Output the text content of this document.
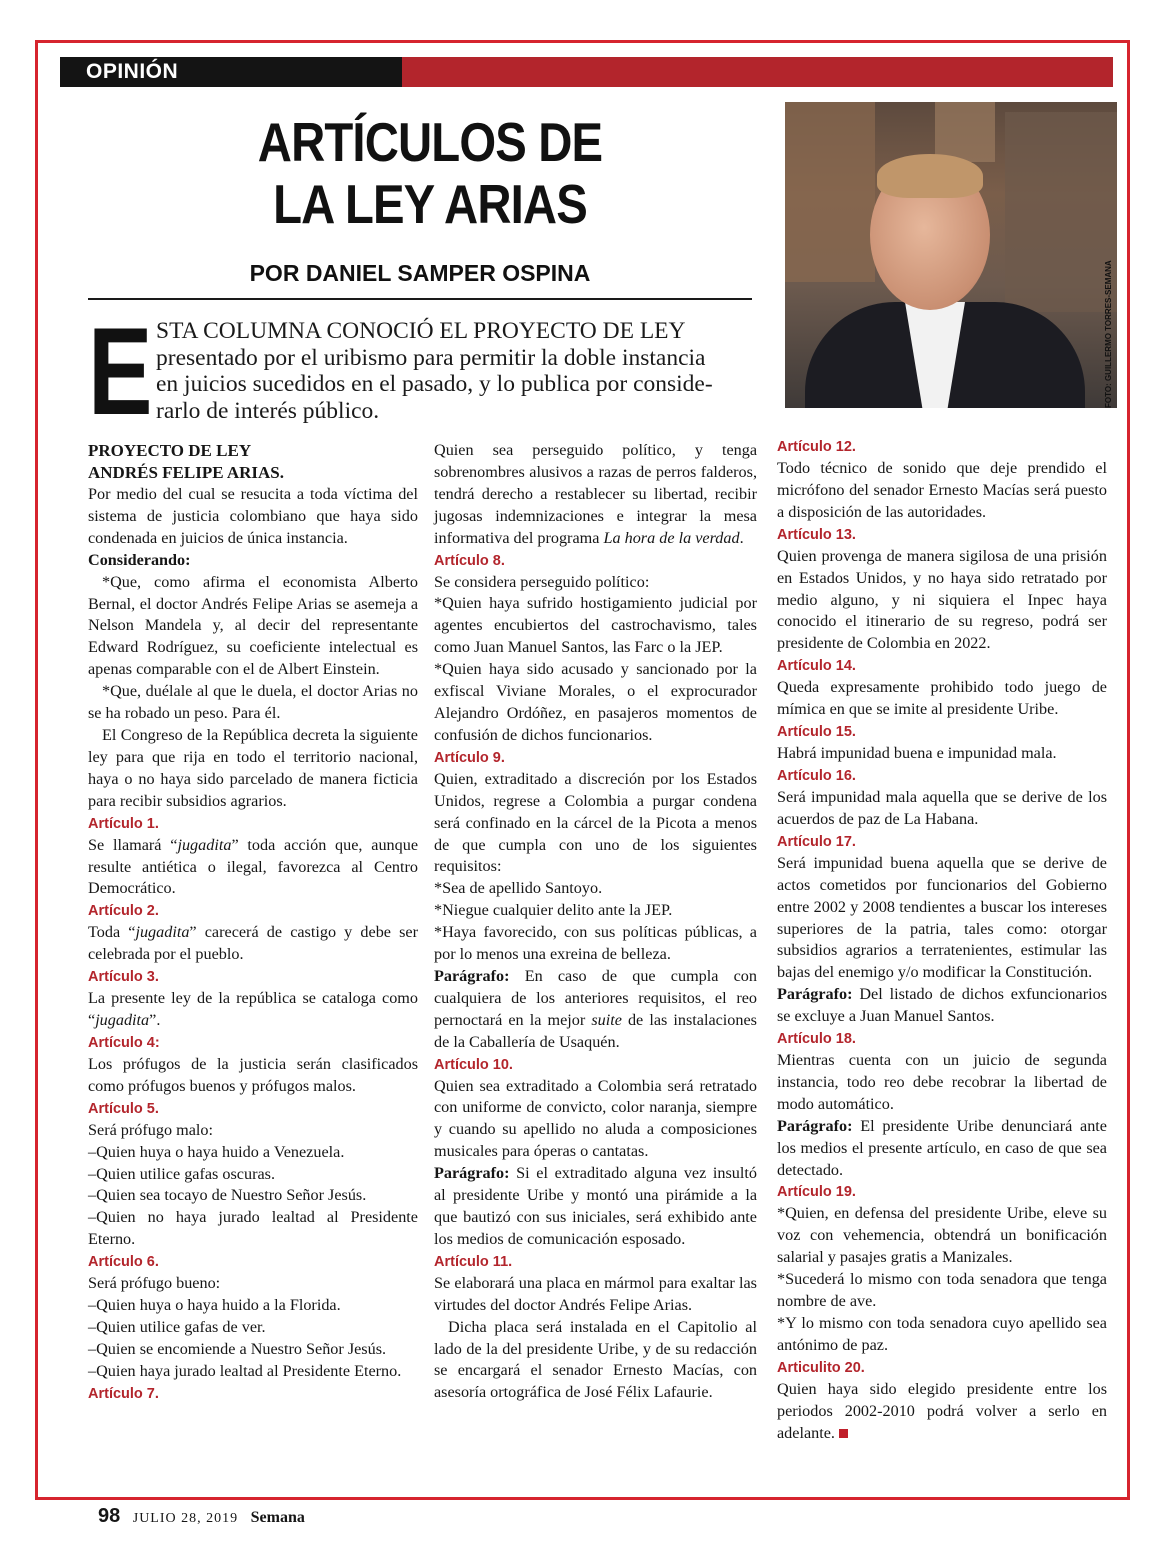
OPINIÓN
ARTÍCULOS DE
LA LEY ARIAS
POR DANIEL SAMPER OSPINA	FOTO: GUILLERMO TORRES-SEMANA
E STA COLUMNA CONOCIÓ EL PROYECTO DE LEY
presentado por el uribismo para permitir la doble instancia
en juicios sucedidos en el pasado, y lo publica por conside-
rarlo de interés público.
PROYECTO DE LEY
ANDRÉS FELIPE ARIAS.

Por medio del cual se resucita a toda víctima del sistema de justicia colombiano que haya sido condenada en juicios de única instancia.

Considerando:

*Que, como afirma el economista Alberto Bernal, el doctor Andrés Felipe Arias se asemeja a Nelson Mandela y, al decir del representante Edward Rodríguez, su coeficiente intelectual es apenas comparable con el de Albert Einstein.

*Que, duélale al que le duela, el doctor Arias no se ha robado un peso. Para él.

El Congreso de la República decreta la siguiente ley para que rija en todo el territorio nacional, haya o no haya sido parcelado de manera ficticia para recibir subsidios agrarios.

Artículo 1.

Se llamará “jugadita” toda acción que, aunque resulte antiética o ilegal, favorezca al Centro Democrático.

Artículo 2.

Toda “jugadita” carecerá de castigo y debe ser celebrada por el pueblo.

Artículo 3.

La presente ley de la república se cataloga como “jugadita”.

Artículo 4:

Los prófugos de la justicia serán clasificados como prófugos buenos y prófugos malos.

Artículo 5.

Será prófugo malo:

–Quien huya o haya huido a Venezuela.

–Quien utilice gafas oscuras.

–Quien sea tocayo de Nuestro Señor Jesús.

–Quien no haya jurado lealtad al Presidente Eterno.

Artículo 6.

Será prófugo bueno:

–Quien huya o haya huido a la Florida.

–Quien utilice gafas de ver.

–Quien se encomiende a Nuestro Señor Jesús.

–Quien haya jurado lealtad al Presidente Eterno.

Artículo 7.

Quien sea perseguido político, y tenga sobrenombres alusivos a razas de perros falderos, tendrá derecho a restablecer su libertad, recibir jugosas indemnizaciones e integrar la mesa informativa del programa La hora de la verdad.

Artículo 8.

Se considera perseguido político:

*Quien haya sufrido hostigamiento judicial por agentes encubiertos del castrochavismo, tales como Juan Manuel Santos, las Farc o la JEP.

*Quien haya sido acusado y sancionado por la exfiscal Viviane Morales, o el exprocurador Alejandro Ordóñez, en pasajeros momentos de confusión de dichos funcionarios.

Artículo 9.

Quien, extraditado a discreción por los Estados Unidos, regrese a Colombia a purgar condena será confinado en la cárcel de la Picota a menos de que cumpla con uno de los siguientes requisitos:

*Sea de apellido Santoyo.

*Niegue cualquier delito ante la JEP.

*Haya favorecido, con sus políticas públicas, a por lo menos una exreina de belleza.

Parágrafo: En caso de que cumpla con cualquiera de los anteriores requisitos, el reo pernoctará en la mejor suite de las instalaciones de la Caballería de Usaquén.

Artículo 10.

Quien sea extraditado a Colombia será retratado con uniforme de convicto, color naranja, siempre y cuando su apellido no aluda a composiciones musicales para óperas o cantatas.

Parágrafo: Si el extraditado alguna vez insultó al presidente Uribe y montó una pirámide a la que bautizó con sus iniciales, será exhibido ante los medios de comunicación esposado.

Artículo 11.

Se elaborará una placa en mármol para exaltar las virtudes del doctor Andrés Felipe Arias.

Dicha placa será instalada en el Capitolio al lado de la del presidente Uribe, y de su redacción se encargará el senador Ernesto Macías, con asesoría ortográfica de José Félix Lafaurie.

Artículo 12.

Todo técnico de sonido que deje prendido el micrófono del senador Ernesto Macías será puesto a disposición de las autoridades.

Artículo 13.

Quien provenga de manera sigilosa de una prisión en Estados Unidos, y no haya sido retratado por medio alguno, y ni siquiera el Inpec haya conocido el itinerario de su regreso, podrá ser presidente de Colombia en 2022.

Artículo 14.

Queda expresamente prohibido todo juego de mímica en que se imite al presidente Uribe.

Artículo 15.

Habrá impunidad buena e impunidad mala.

Artículo 16.

Será impunidad mala aquella que se derive de los acuerdos de paz de La Habana.

Artículo 17.

Será impunidad buena aquella que se derive de actos cometidos por funcionarios del Gobierno entre 2002 y 2008 tendientes a buscar los intereses superiores de la patria, tales como: otorgar subsidios agrarios a terratenientes, estimular las bajas del enemigo y/o modificar la Constitución.

Parágrafo: Del listado de dichos exfuncionarios se excluye a Juan Manuel Santos.

Artículo 18.

Mientras cuenta con un juicio de segunda instancia, todo reo debe recobrar la libertad de modo automático.

Parágrafo: El presidente Uribe denunciará ante los medios el presente artículo, en caso de que sea detectado.

Artículo 19.

*Quien, en defensa del presidente Uribe, eleve su voz con vehemencia, obtendrá un bonificación salarial y pasajes gratis a Manizales.

*Sucederá lo mismo con toda senadora que tenga nombre de ave.

*Y lo mismo con toda senadora cuyo apellido sea antónimo de paz.

Articulito 20.

Quien haya sido elegido presidente entre los periodos 2002-2010 podrá volver a serlo en adelante.

98 JULIO 28, 2019 Semana
